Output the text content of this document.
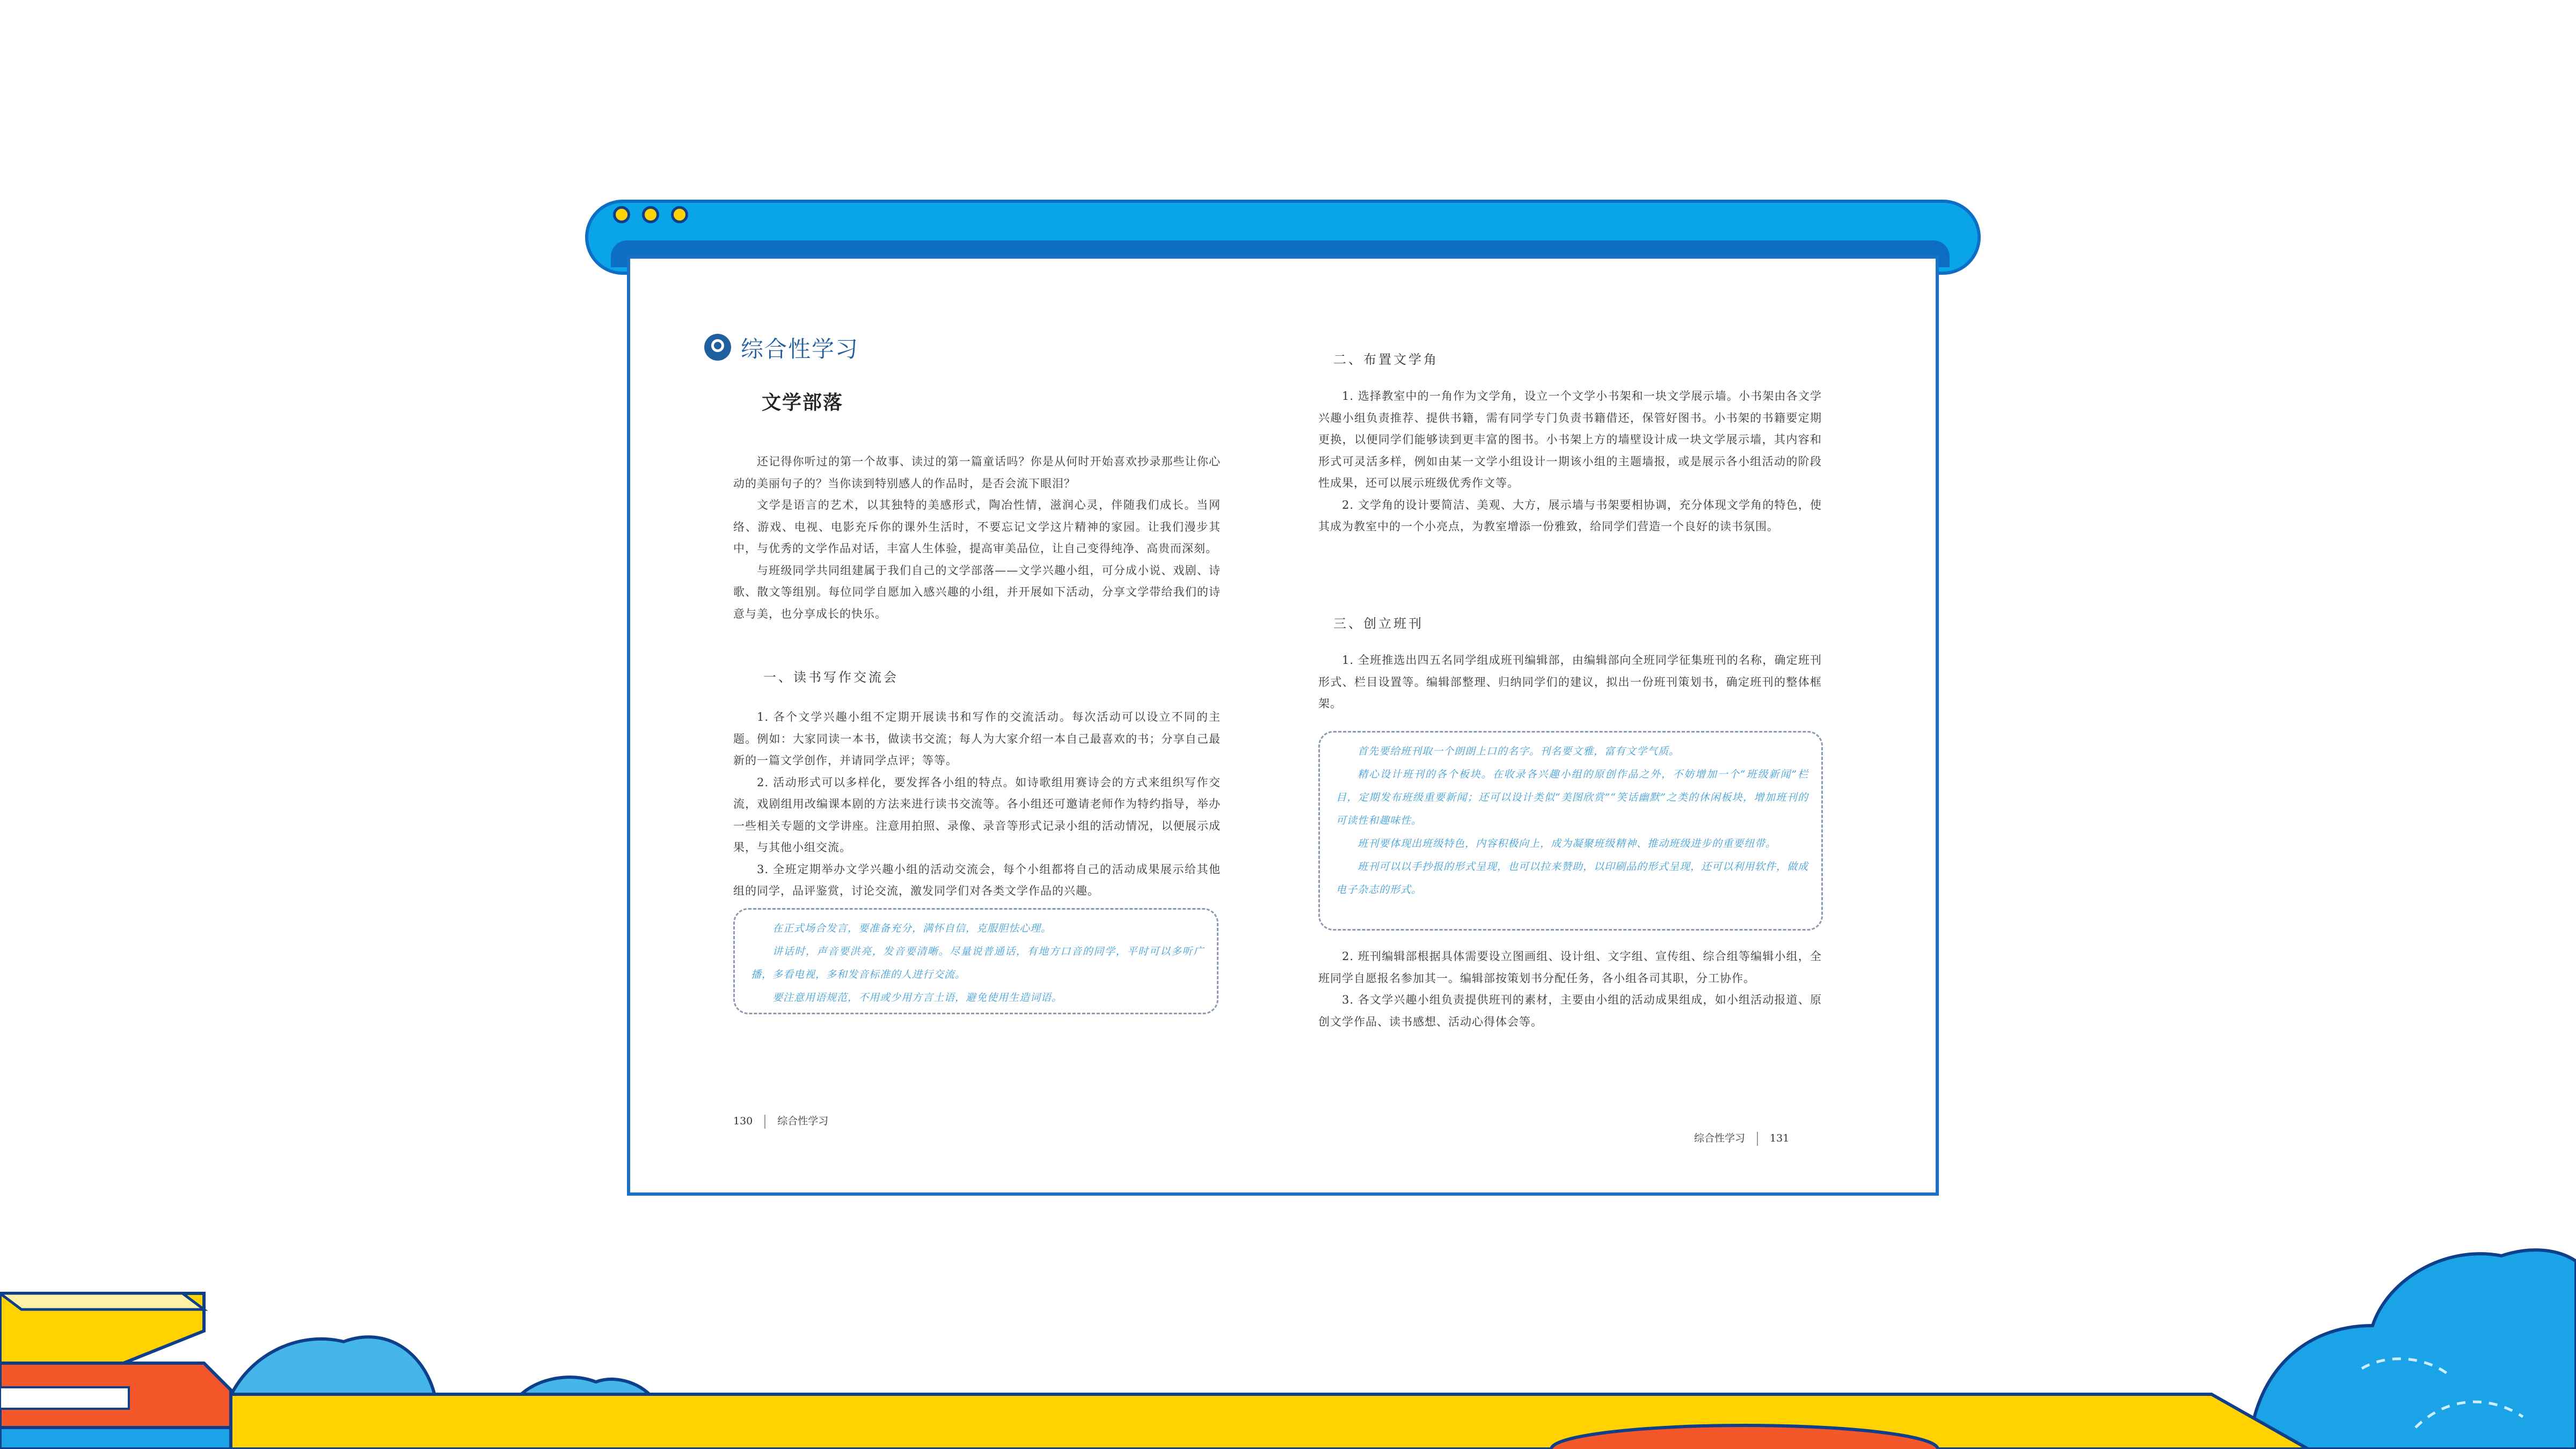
综合性学习
文学部落

还记得你听过的第一个故事、读过的第一篇童话吗？你是从何时开始喜欢抄录那些让你心动的美丽句子的？当你读到特别感人的作品时，是否会流下眼泪？

文学是语言的艺术，以其独特的美感形式，陶冶性情，滋润心灵，伴随我们成长。当网络、游戏、电视、电影充斥你的课外生活时，不要忘记文学这片精神的家园。让我们漫步其中，与优秀的文学作品对话，丰富人生体验，提高审美品位，让自己变得纯净、高贵而深刻。

与班级同学共同组建属于我们自己的文学部落——文学兴趣小组，可分成小说、戏剧、诗歌、散文等组别。每位同学自愿加入感兴趣的小组，并开展如下活动，分享文学带给我们的诗意与美，也分享成长的快乐。

一、读书写作交流会

1. 各个文学兴趣小组不定期开展读书和写作的交流活动。每次活动可以设立不同的主题。例如：大家同读一本书，做读书交流；每人为大家介绍一本自己最喜欢的书；分享自己最新的一篇文学创作，并请同学点评；等等。

2. 活动形式可以多样化，要发挥各小组的特点。如诗歌组用赛诗会的方式来组织写作交流，戏剧组用改编课本剧的方法来进行读书交流等。各小组还可邀请老师作为特约指导，举办一些相关专题的文学讲座。注意用拍照、录像、录音等形式记录小组的活动情况，以便展示成果，与其他小组交流。

3. 全班定期举办文学兴趣小组的活动交流会，每个小组都将自己的活动成果展示给其他组的同学，品评鉴赏，讨论交流，激发同学们对各类文学作品的兴趣。

在正式场合发言，要准备充分，满怀自信，克服胆怯心理。

讲话时，声音要洪亮，发音要清晰。尽量说普通话，有地方口音的同学，平时可以多听广播，多看电视，多和发音标准的人进行交流。

要注意用语规范，不用或少用方言土语，避免使用生造词语。

130 综合性学习
二、布置文学角

1. 选择教室中的一角作为文学角，设立一个文学小书架和一块文学展示墙。小书架由各文学兴趣小组负责推荐、提供书籍，需有同学专门负责书籍借还，保管好图书。小书架的书籍要定期更换，以便同学们能够读到更丰富的图书。小书架上方的墙壁设计成一块文学展示墙，其内容和形式可灵活多样，例如由某一文学小组设计一期该小组的主题墙报，或是展示各小组活动的阶段性成果，还可以展示班级优秀作文等。

2. 文学角的设计要简洁、美观、大方，展示墙与书架要相协调，充分体现文学角的特色，使其成为教室中的一个小亮点，为教室增添一份雅致，给同学们营造一个良好的读书氛围。

三、创立班刊

1. 全班推选出四五名同学组成班刊编辑部，由编辑部向全班同学征集班刊的名称，确定班刊形式、栏目设置等。编辑部整理、归纳同学们的建议，拟出一份班刊策划书，确定班刊的整体框架。

首先要给班刊取一个朗朗上口的名字。刊名要文雅，富有文学气质。

精心设计班刊的各个板块。在收录各兴趣小组的原创作品之外，不妨增加一个“班级新闻”栏目，定期发布班级重要新闻；还可以设计类似“美图欣赏”“笑话幽默”之类的休闲板块，增加班刊的可读性和趣味性。

班刊要体现出班级特色，内容积极向上，成为凝聚班级精神、推动班级进步的重要纽带。

班刊可以以手抄报的形式呈现，也可以拉来赞助，以印刷品的形式呈现，还可以利用软件，做成电子杂志的形式。

2. 班刊编辑部根据具体需要设立图画组、设计组、文字组、宣传组、综合组等编辑小组，全班同学自愿报名参加其一。编辑部按策划书分配任务，各小组各司其职，分工协作。

3. 各文学兴趣小组负责提供班刊的素材，主要由小组的活动成果组成，如小组活动报道、原创文学作品、读书感想、活动心得体会等。

综合性学习 131
